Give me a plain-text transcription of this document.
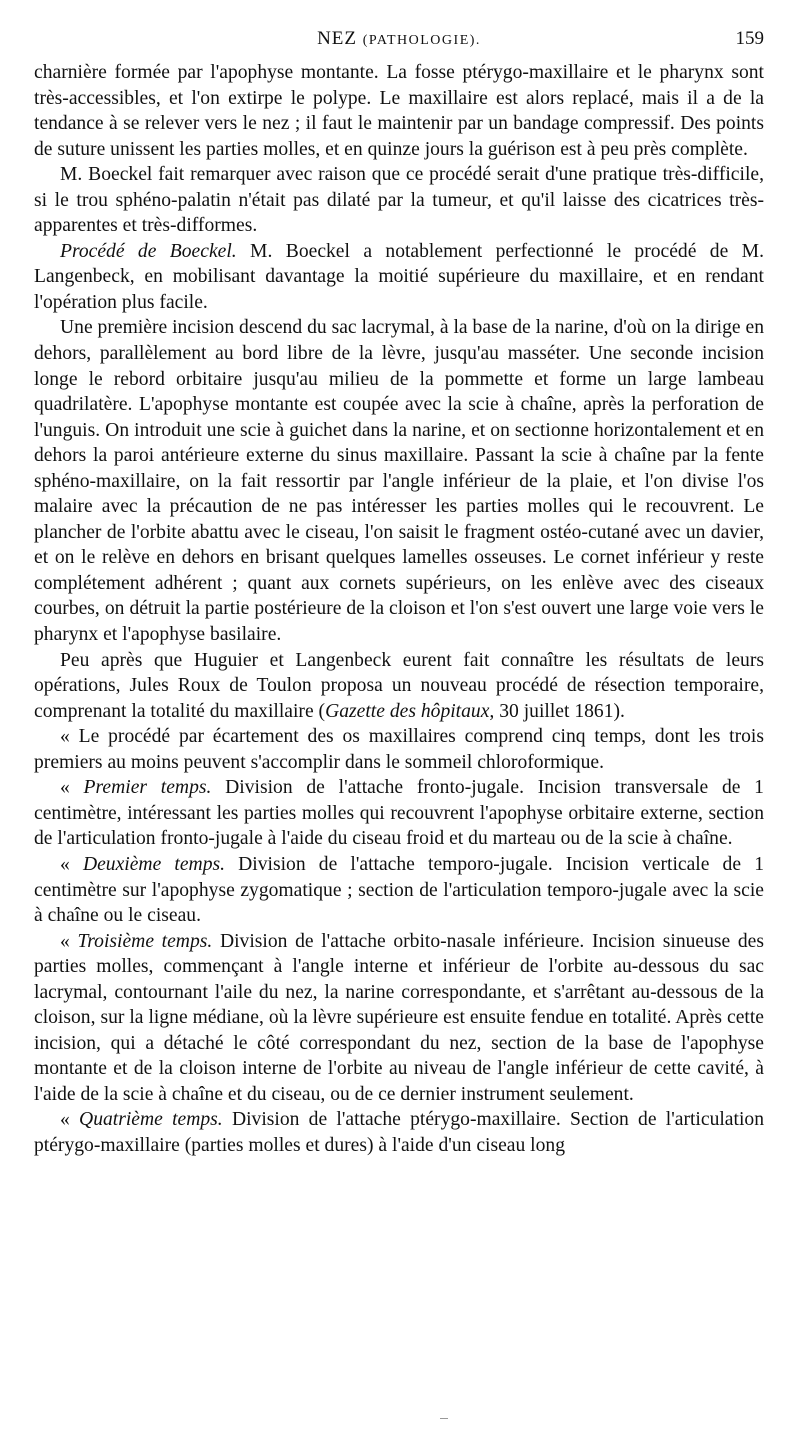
NEZ (PATHOLOGIE).	159

charnière formée par l'apophyse montante. La fosse ptérygo-maxillaire et le pharynx sont très-accessibles, et l'on extirpe le polype. Le maxillaire est alors replacé, mais il a de la tendance à se relever vers le nez ; il faut le maintenir par un bandage compressif. Des points de suture unissent les parties molles, et en quinze jours la guérison est à peu près complète.

M. Boeckel fait remarquer avec raison que ce procédé serait d'une pratique très-difficile, si le trou sphéno-palatin n'était pas dilaté par la tumeur, et qu'il laisse des cicatrices très-apparentes et très-difformes.

Procédé de Boeckel. M. Boeckel a notablement perfectionné le procédé de M. Langenbeck, en mobilisant davantage la moitié supérieure du maxillaire, et en rendant l'opération plus facile.

Une première incision descend du sac lacrymal, à la base de la narine, d'où on la dirige en dehors, parallèlement au bord libre de la lèvre, jusqu'au masséter. Une seconde incision longe le rebord orbitaire jusqu'au milieu de la pommette et forme un large lambeau quadrilatère. L'apophyse montante est coupée avec la scie à chaîne, après la perforation de l'unguis. On introduit une scie à guichet dans la narine, et on sectionne horizontalement et en dehors la paroi antérieure externe du sinus maxillaire. Passant la scie à chaîne par la fente sphéno-maxillaire, on la fait ressortir par l'angle inférieur de la plaie, et l'on divise l'os malaire avec la précaution de ne pas intéresser les parties molles qui le recouvrent. Le plancher de l'orbite abattu avec le ciseau, l'on saisit le fragment ostéo-cutané avec un davier, et on le relève en dehors en brisant quelques lamelles osseuses. Le cornet inférieur y reste complétement adhérent ; quant aux cornets supérieurs, on les enlève avec des ciseaux courbes, on détruit la partie postérieure de la cloison et l'on s'est ouvert une large voie vers le pharynx et l'apophyse basilaire.

Peu après que Huguier et Langenbeck eurent fait connaître les résultats de leurs opérations, Jules Roux de Toulon proposa un nouveau procédé de résection temporaire, comprenant la totalité du maxillaire (Gazette des hôpitaux, 30 juillet 1861).

« Le procédé par écartement des os maxillaires comprend cinq temps, dont les trois premiers au moins peuvent s'accomplir dans le sommeil chloroformique.

« Premier temps. Division de l'attache fronto-jugale. Incision transversale de 1 centimètre, intéressant les parties molles qui recouvrent l'apophyse orbitaire externe, section de l'articulation fronto-jugale à l'aide du ciseau froid et du marteau ou de la scie à chaîne.

« Deuxième temps. Division de l'attache temporo-jugale. Incision verticale de 1 centimètre sur l'apophyse zygomatique ; section de l'articulation temporo-jugale avec la scie à chaîne ou le ciseau.

« Troisième temps. Division de l'attache orbito-nasale inférieure. Incision sinueuse des parties molles, commençant à l'angle interne et inférieur de l'orbite au-dessous du sac lacrymal, contournant l'aile du nez, la narine correspondante, et s'arrêtant au-dessous de la cloison, sur la ligne médiane, où la lèvre supérieure est ensuite fendue en totalité. Après cette incision, qui a détaché le côté correspondant du nez, section de la base de l'apophyse montante et de la cloison interne de l'orbite au niveau de l'angle inférieur de cette cavité, à l'aide de la scie à chaîne et du ciseau, ou de ce dernier instrument seulement.

« Quatrième temps. Division de l'attache ptérygo-maxillaire. Section de l'articulation ptérygo-maxillaire (parties molles et dures) à l'aide d'un ciseau long
